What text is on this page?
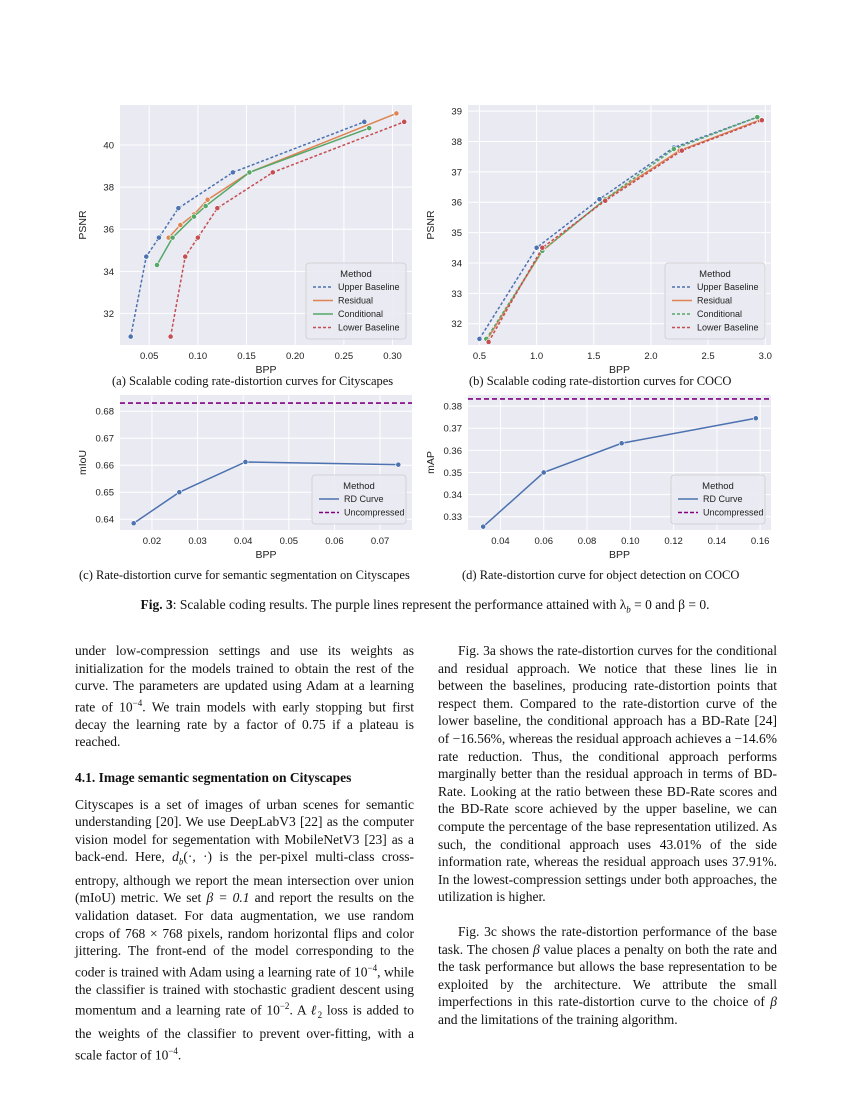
0.05	0.10	0.15	0.20	0.25	0.30
32
34
36
38
40
BPP
PSNR
Method
Upper Baseline
Residual
Conditional
Lower Baseline
0.5	1.0	1.5	2.0	2.5	3.0
32
33
34
35
36
37
38
39
BPP
PSNR
Method
Upper Baseline
Residual
Conditional
Lower Baseline
0.02	0.03	0.04	0.05	0.06	0.07
0.64
0.65
0.66
0.67
0.68
BPP
mIoU
Method
RD Curve
Uncompressed
0.04	0.06	0.08	0.10	0.12	0.14	0.16
0.33
0.34
0.35
0.36
0.37
0.38
BPP
mAP
Method
RD Curve
Uncompressed
(a) Scalable coding rate-distortion curves for Cityscapes	(b) Scalable coding rate-distortion curves for COCO
(c) Rate-distortion curve for semantic segmentation on Cityscapes	(d) Rate-distortion curve for object detection on COCO
Fig. 3: Scalable coding results. The purple lines represent the performance attained with $\lambda_b = 0$ and β = 0.

under low-compression settings and use its weights as initialization for the models trained to obtain the rest of the curve. The parameters are updated using Adam at a learning rate of $10^{-4}$. We train models with early stopping but first decay the learning rate by a factor of 0.75 if a plateau is reached.

4.1. Image semantic segmentation on Cityscapes

Cityscapes is a set of images of urban scenes for semantic understanding [20]. We use DeepLabV3 [22] as the computer vision model for segementation with MobileNetV3 [23] as a back-end. Here, $d_b(\cdot$, ·) is the per-pixel multi-class cross-entropy, although we report the mean intersection over union (mIoU) metric. We set β = 0.1 and report the results on the validation dataset. For data augmentation, we use random crops of 768 × 768 pixels, random horizontal flips and color jittering. The front-end of the model corresponding to the coder is trained with Adam using a learning rate of $10^{-4}$, while the classifier is trained with stochastic gradient descent using momentum and a learning rate of $10^{-2}$. A ℓ$_2$ loss is added to the weights of the classifier to prevent over-fitting, with a scale factor of $10^{-4}$.

Fig. 3a shows the rate-distortion curves for the conditional and residual approach. We notice that these lines lie in between the baselines, producing rate-distortion points that respect them. Compared to the rate-distortion curve of the lower baseline, the conditional approach has a BD-Rate [24] of −16.56%, whereas the residual approach achieves a −14.6% rate reduction. Thus, the conditional approach performs marginally better than the residual approach in terms of BD-Rate. Looking at the ratio between these BD-Rate scores and the BD-Rate score achieved by the upper baseline, we can compute the percentage of the base representation utilized. As such, the conditional approach uses 43.01% of the side information rate, whereas the residual approach uses 37.91%. In the lowest-compression settings under both approaches, the utilization is higher.

Fig. 3c shows the rate-distortion performance of the base task. The chosen β value places a penalty on both the rate and the task performance but allows the base representation to be exploited by the architecture. We attribute the small imperfections in this rate-distortion curve to the choice of β and the limitations of the training algorithm.
